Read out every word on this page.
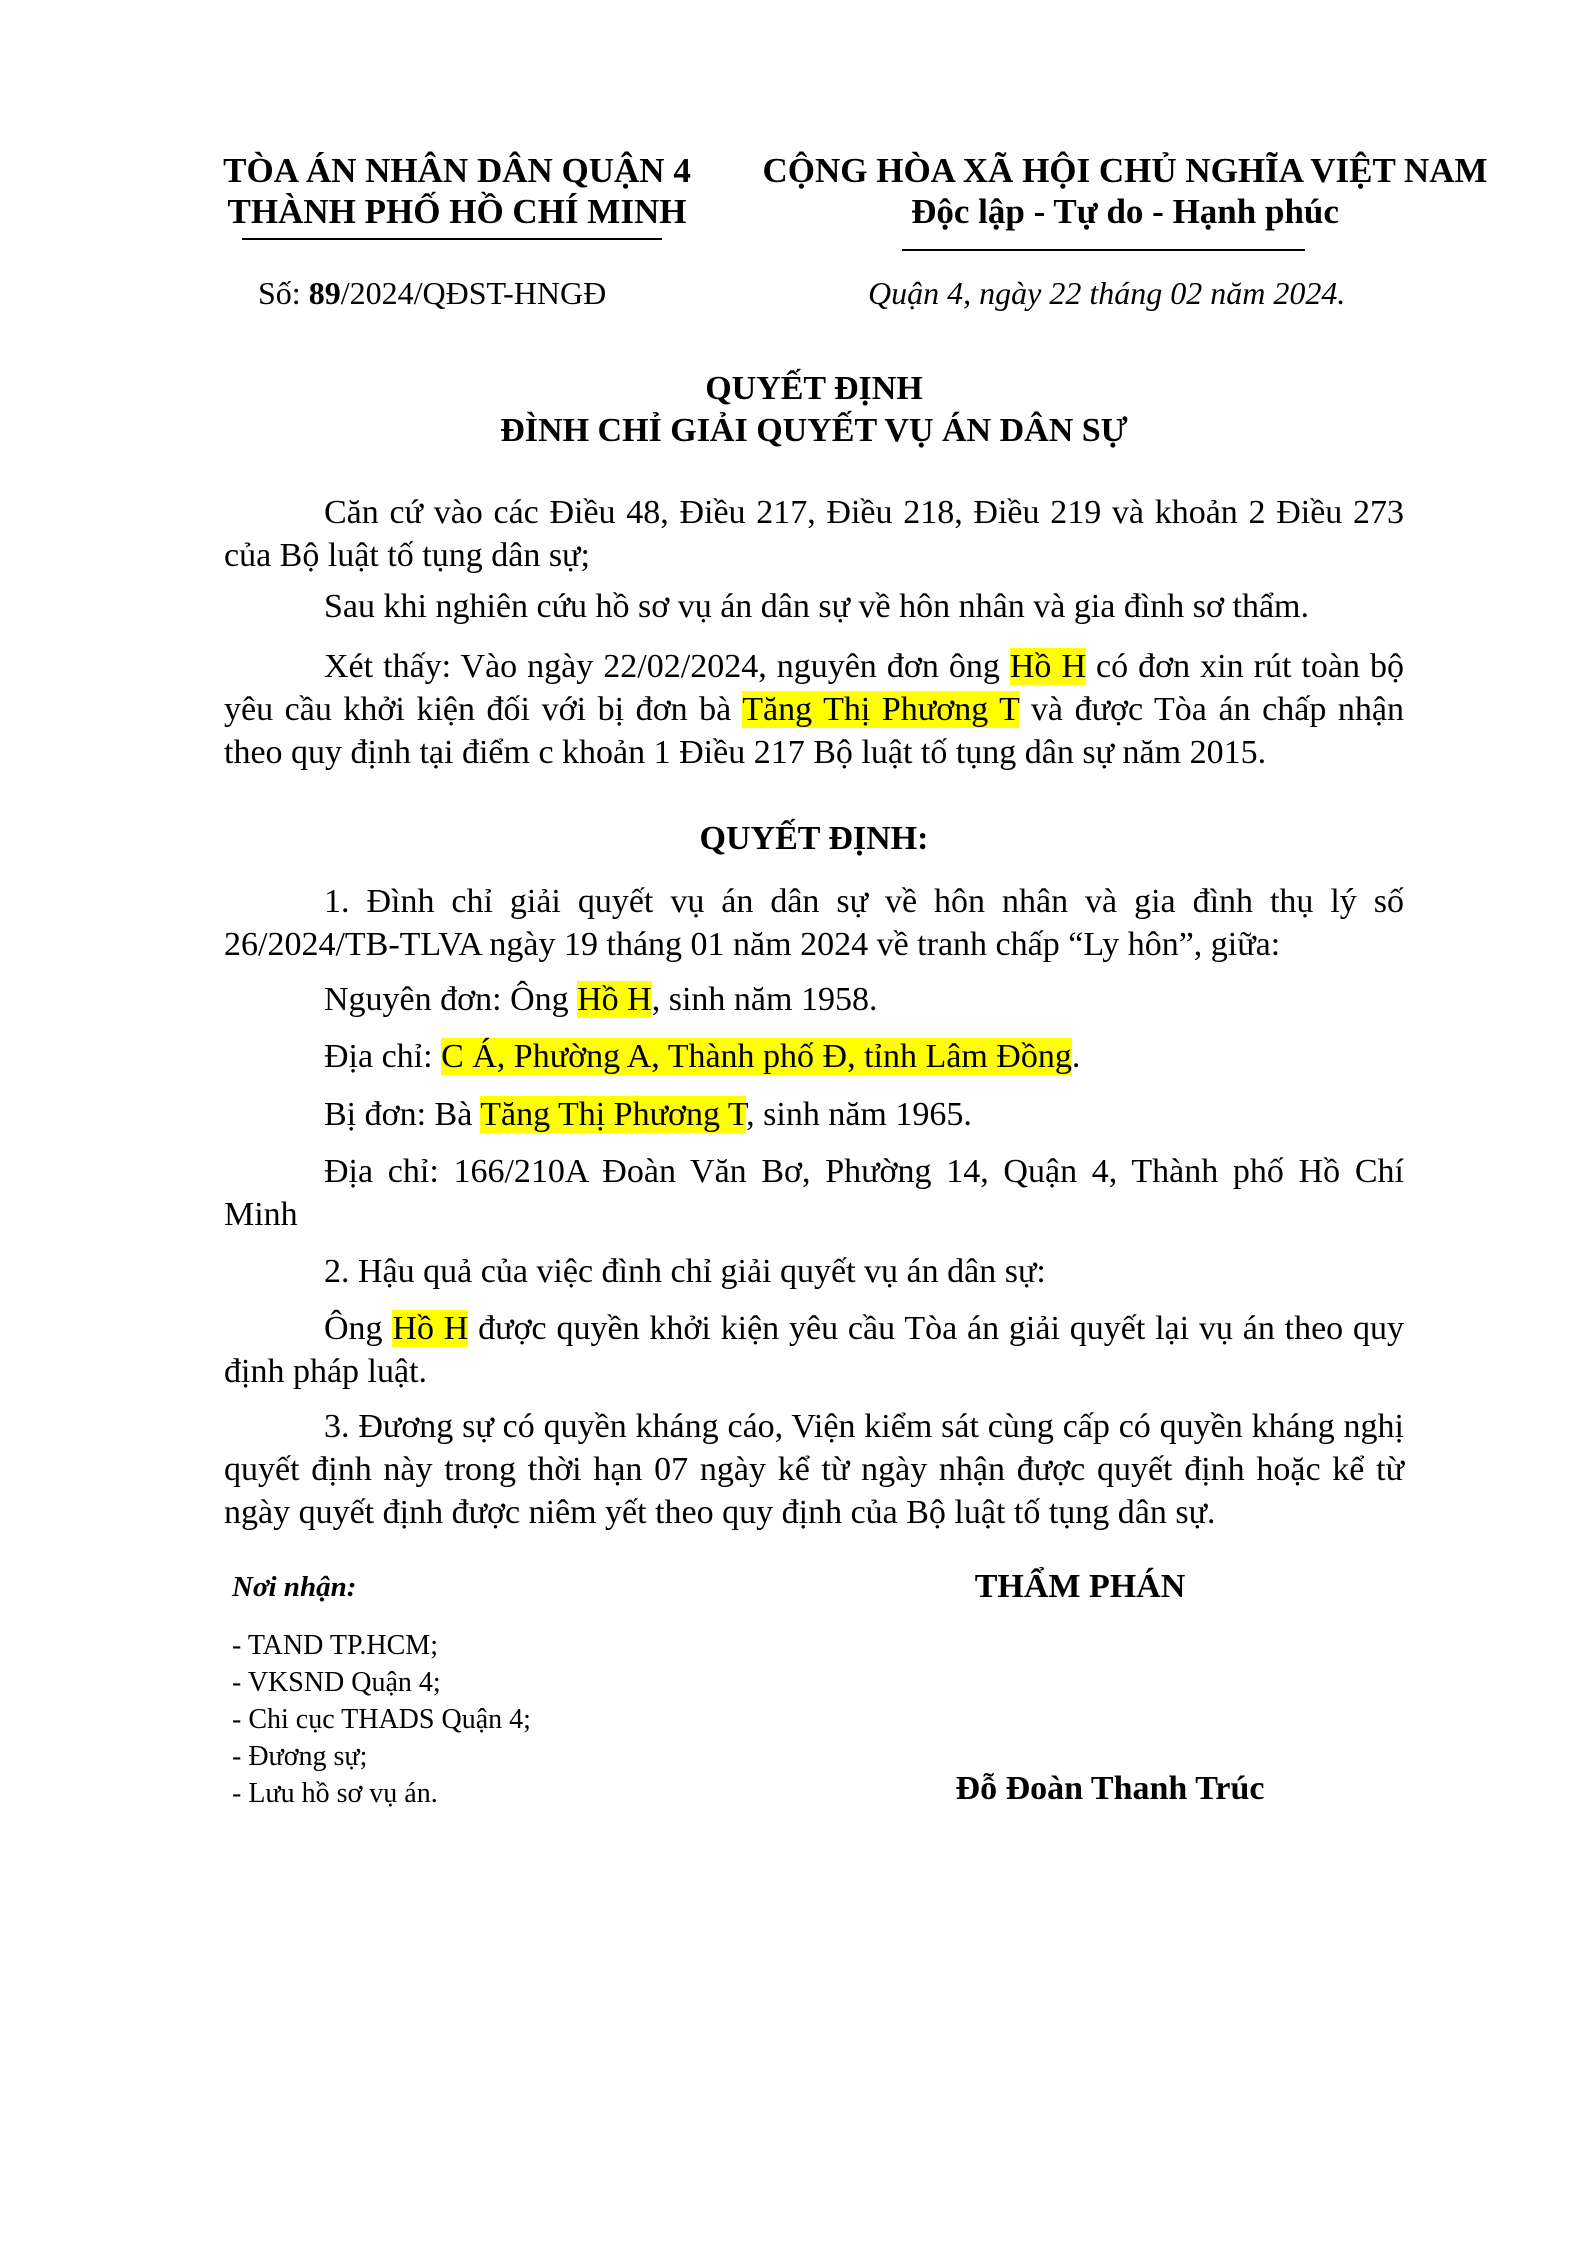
TÒA ÁN NHÂN DÂN QUẬN 4
THÀNH PHỐ HỒ CHÍ MINH
CỘNG HÒA XÃ HỘI CHỦ NGHĨA VIỆT NAM
Độc lập - Tự do - Hạnh phúc
Số: 89/2024/QĐST-HNGĐ	Quận 4, ngày 22 tháng 02 năm 2024.
QUYẾT ĐỊNH
ĐÌNH CHỈ GIẢI QUYẾT VỤ ÁN DÂN SỰ
Căn cứ vào các Điều 48, Điều 217, Điều 218, Điều 219 và khoản 2 Điều 273 của Bộ luật tố tụng dân sự;
Sau khi nghiên cứu hồ sơ vụ án dân sự về hôn nhân và gia đình sơ thẩm.
Xét thấy: Vào ngày 22/02/2024, nguyên đơn ông Hồ H có đơn xin rút toàn bộ yêu cầu khởi kiện đối với bị đơn bà Tăng Thị Phương T và được Tòa án chấp nhận theo quy định tại điểm c khoản 1 Điều 217 Bộ luật tố tụng dân sự năm 2015.
QUYẾT ĐỊNH:
1. Đình chỉ giải quyết vụ án dân sự về hôn nhân và gia đình thụ lý số 26/2024/TB-TLVA ngày 19 tháng 01 năm 2024 về tranh chấp “Ly hôn”, giữa:
Nguyên đơn: Ông Hồ H, sinh năm 1958.
Địa chỉ: C Á, Phường A, Thành phố Đ, tỉnh Lâm Đồng.
Bị đơn: Bà Tăng Thị Phương T, sinh năm 1965.
Địa chỉ: 166/210A Đoàn Văn Bơ, Phường 14, Quận 4, Thành phố Hồ Chí Minh
2. Hậu quả của việc đình chỉ giải quyết vụ án dân sự:
Ông Hồ H được quyền khởi kiện yêu cầu Tòa án giải quyết lại vụ án theo quy định pháp luật.
3. Đương sự có quyền kháng cáo, Viện kiểm sát cùng cấp có quyền kháng nghị quyết định này trong thời hạn 07 ngày kể từ ngày nhận được quyết định hoặc kể từ ngày quyết định được niêm yết theo quy định của Bộ luật tố tụng dân sự.
Nơi nhận:
- TAND TP.HCM;
- VKSND Quận 4;
- Chi cục THADS Quận 4;
- Đương sự;
- Lưu hồ sơ vụ án.
THẨM PHÁN
Đỗ Đoàn Thanh Trúc
